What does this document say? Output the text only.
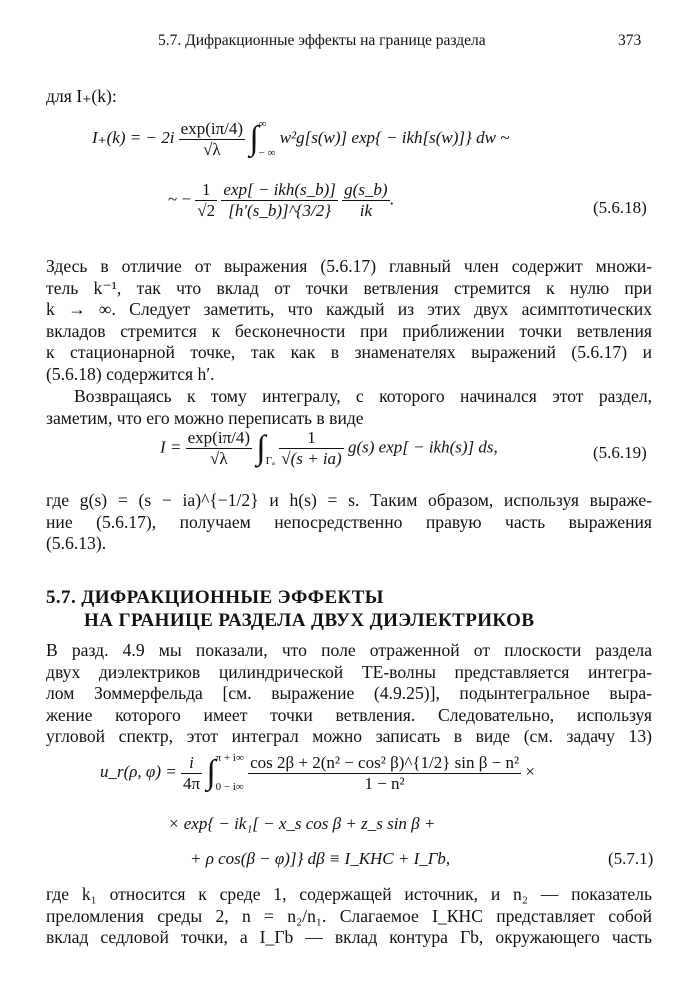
5.7. Дифракционные эффекты на границе раздела	373
для I₊(k):
I₊(k) = − $2i \frac{\exp(i\pi/4)}{√\lambda}$ ∫ ∞
− ∞
w²g[s(w)] exp{ − ikh[s(w)]} dw ~
~ − $\frac{1}{√2}$
$\frac{\text{exp[ − ikh(s\_b)]}}{[h'(s\_b)]\^{}\{3/2\}}$
$\frac{g(s\_b)}{ik}$ .	(5.6.18)
Здесь в отличие от выражения (5.6.17) главный член содержит множи-
тель k⁻¹, так что вклад от точки ветвления стремится к нулю при
k → ∞. Следует заметить, что каждый из этих двух асимптотических
вкладов стремится к бесконечности при приближении точки ветвления
к стационарной точке, так как в знаменателях выражений (5.6.17) и
(5.6.18) содержится h′.
Возвращаясь к тому интегралу, с которого начинался этот раздел,
заметим, что его можно переписать в виде
$I = \frac{\exp(i\pi/4)}{√\lambda}$ ∫ Γₐ
$\frac{1}{√(s + ia)} g(s) \exp[ - ikh(s)]$ ds,	(5.6.19)
где g(s) = (s − ia)^{−1/2} и h(s) = s. Таким образом, используя выраже-
ние (5.6.17), получаем непосредственно правую часть выражения
(5.6.13).
5.7. ДИФРАКЦИОННЫЕ ЭФФЕКТЫ
НА ГРАНИЦЕ РАЗДЕЛА ДВУХ ДИЭЛЕКТРИКОВ
В разд. 4.9 мы показали, что поле отраженной от плоскости раздела
двух диэлектриков цилиндрической ТЕ-волны представляется интегра-
лом Зоммерфельда [см. выражение (4.9.25)], подынтегральное выра-
жение которого имеет точки ветвления. Следовательно, используя
угловой спектр, этот интеграл можно записать в виде (см. задачу 13)
u_r(ρ, $\varphi) = \frac{i}{4\pi}$ ∫ π + i∞
0 − i∞
$\frac{\text{cos 2β + 2(n² − cos² β)\textasciicircum{}\{1/2\} sin β − n²}}{\text{1 − n²}}$ ×
× exp{ − ik₁[ − x_s cos β + z_s sin β +
+ ρ cos(β − φ)]} dβ ≡ I_КНС + I_Γb,	(5.7.1)
где k₁ относится к среде 1, содержащей источник, и n₂ — показатель
преломления среды 2, n = n₂/n₁. Слагаемое I_КНС представляет собой
вклад седловой точки, а I_Γb — вклад контура Γb, окружающего часть
